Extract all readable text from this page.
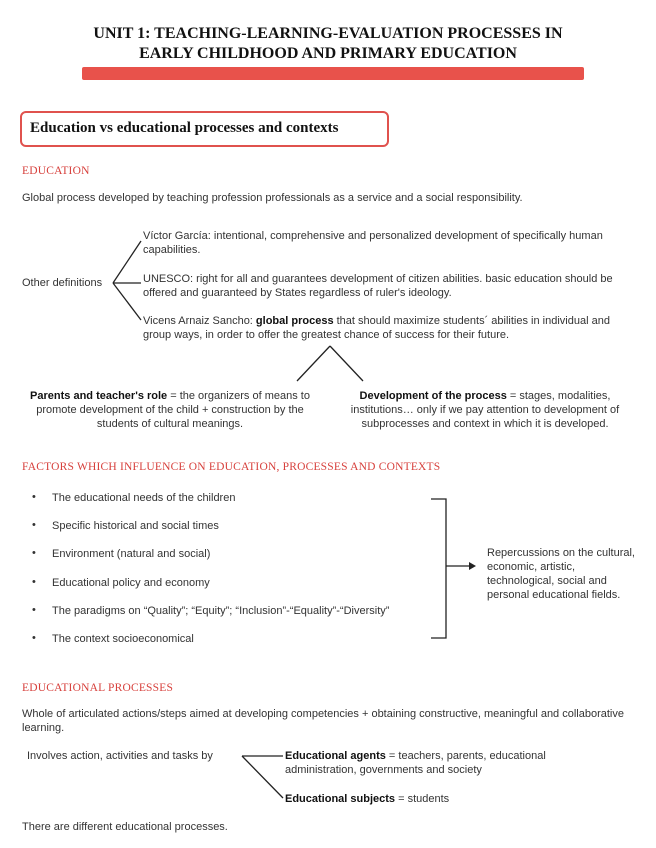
UNIT 1: TEACHING-LEARNING-EVALUATION PROCESSES IN
EARLY CHILDHOOD AND PRIMARY EDUCATION
Education vs educational processes and contexts
EDUCATION
Global process developed by teaching profession professionals as a service and a social responsibility.
Other definitions
Víctor García: intentional, comprehensive and personalized development of specifically human capabilities.
UNESCO: right for all and guarantees development of citizen abilities. basic education should be offered and guaranteed by States regardless of ruler's ideology.
Vicens Arnaiz Sancho: global process that should maximize students´ abilities in individual and group ways, in order to offer the greatest chance of success for their future.
Parents and teacher's role = the organizers of means to promote development of the child + construction by the students of cultural meanings.
Development of the process = stages, modalities, institutions… only if we pay attention to development of subprocesses and context in which it is developed.
FACTORS WHICH INFLUENCE ON EDUCATION, PROCESSES AND CONTEXTS
• The educational needs of the children
• Specific historical and social times
• Environment (natural and social)
• Educational policy and economy
• The paradigms on “Quality”; “Equity”; “Inclusion”-“Equality”-“Diversity”
• The context socioeconomical
Repercussions on the cultural, economic, artistic, technological, social and personal educational fields.
EDUCATIONAL PROCESSES
Whole of articulated actions/steps aimed at developing competencies + obtaining constructive, meaningful and collaborative learning.
Involves action, activities and tasks by	Educational agents = teachers, parents, educational administration, governments and society
Educational subjects = students
There are different educational processes.
